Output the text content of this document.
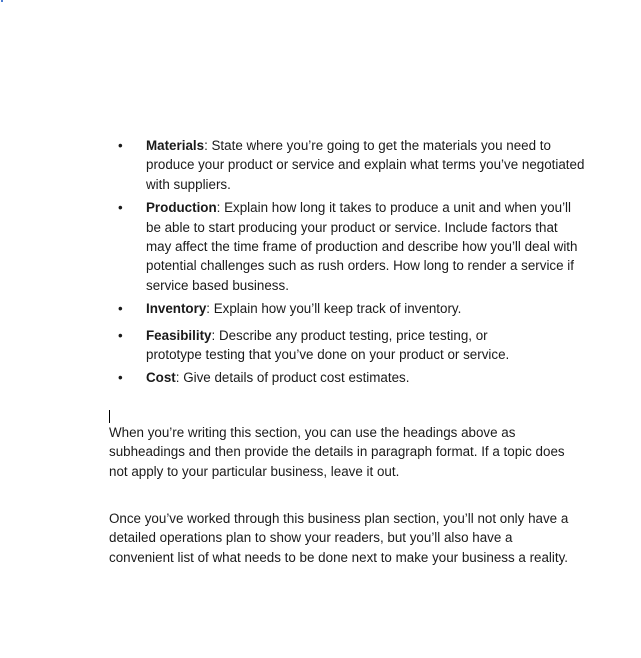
•	Materials: State where you’re going to get the materials you need to produce your product or service and explain what terms you’ve negotiated with suppliers.
•	Production: Explain how long it takes to produce a unit and when you’ll be able to start producing your product or service. Include factors that may affect the time frame of production and describe how you’ll deal with potential challenges such as rush orders. How long to render a service if service based business.
•	Inventory: Explain how you’ll keep track of inventory.
•	Feasibility: Describe any product testing, price testing, or
prototype testing that you’ve done on your product or service.
•	Cost: Give details of product cost estimates.

When you’re writing this section, you can use the headings above as subheadings and then provide the details in paragraph format. If a topic does not apply to your particular business, leave it out.

Once you’ve worked through this business plan section, you’ll not only have a detailed operations plan to show your readers, but you’ll also have a convenient list of what needs to be done next to make your business a reality.
